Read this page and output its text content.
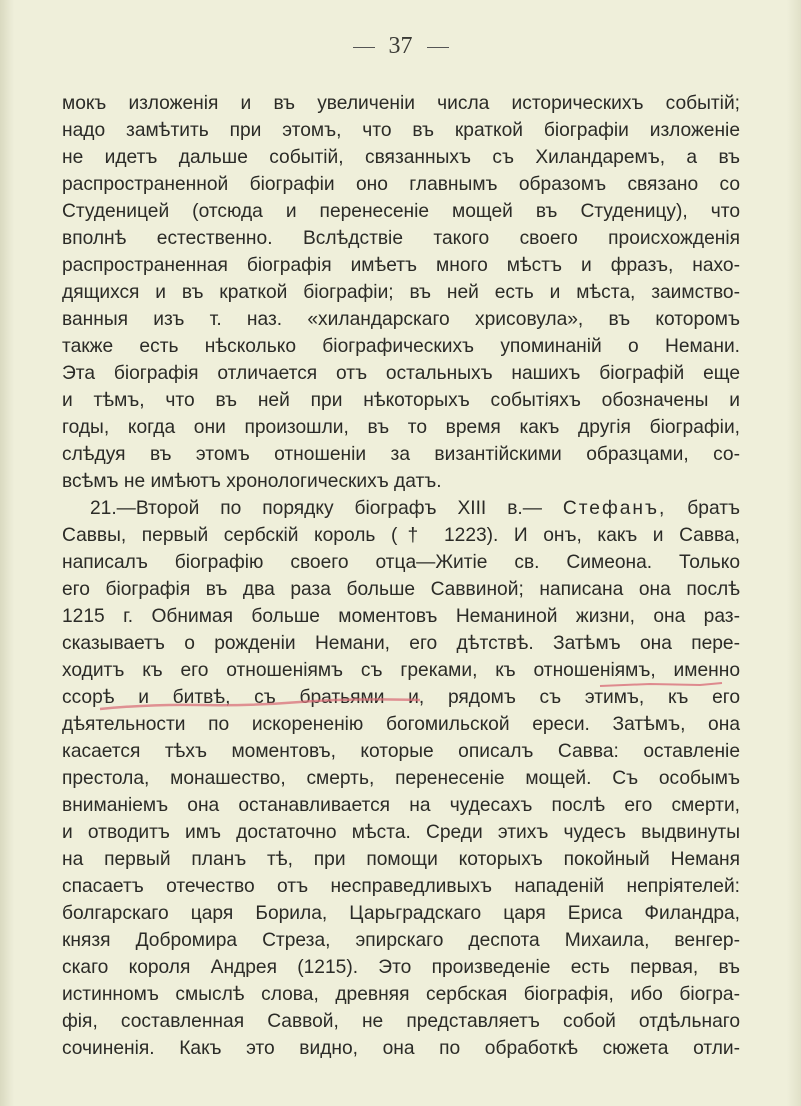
37
мокъ изложенія и въ увеличеніи числа историческихъ событій;
надо замѣтить при этомъ, что въ краткой біографіи изложеніе
не идетъ дальше событій, связанныхъ съ Хиландаремъ, а въ
распространенной біографіи оно главнымъ образомъ связано со
Студеницей (отсюда и перенесеніе мощей въ Студеницу), что
вполнѣ естественно. Вслѣдствіе такого своего происхожденія
распространенная біографія имѣетъ много мѣстъ и фразъ, нахо-
дящихся и въ краткой біографіи; въ ней есть и мѣста, заимство-
ванныя изъ т. наз. «хиландарскаго хрисовула», въ которомъ
также есть нѣсколько біографическихъ упоминаній о Немани.
Эта біографія отличается отъ остальныхъ нашихъ біографій еще
и тѣмъ, что въ ней при нѣкоторыхъ событіяхъ обозначены и
годы, когда они произошли, въ то время какъ другія біографіи,
слѣдуя въ этомъ отношеніи за византійскими образцами, со-
всѣмъ не имѣютъ хронологическихъ датъ.
21.—Второй по порядку біографъ XIII в.— Стефанъ, братъ
Саввы, первый сербскій король († 1223). И онъ, какъ и Савва,
написалъ біографію своего отца—Житіе св. Симеона. Только
его біографія въ два раза больше Саввиной; написана она послѣ
1215 г. Обнимая больше моментовъ Неманиной жизни, она раз-
сказываетъ о рожденіи Немани, его дѣтствѣ. Затѣмъ она пере-
ходитъ къ его отношеніямъ съ греками, къ отношеніямъ, именно
ссорѣ и битвѣ, съ братьями и, рядомъ съ этимъ, къ его
дѣятельности по искорененію богомильской ереси. Затѣмъ, она
касается тѣхъ моментовъ, которые описалъ Савва: оставленіе
престола, монашество, смерть, перенесеніе мощей. Съ особымъ
вниманіемъ она останавливается на чудесахъ послѣ его смерти,
и отводитъ имъ достаточно мѣста. Среди этихъ чудесъ выдвинуты
на первый планъ тѣ, при помощи которыхъ покойный Неманя
спасаетъ отечество отъ несправедливыхъ нападеній непріятелей:
болгарскаго царя Борила, Царьградскаго царя Ериса Филандра,
князя Добромира Стреза, эпирскаго деспота Михаила, венгер-
скаго короля Андрея (1215). Это произведеніе есть первая, въ
истинномъ смыслѣ слова, древняя сербская біографія, ибо біогра-
фія, составленная Саввой, не представляетъ собой отдѣльнаго
сочиненія. Какъ это видно, она по обработкѣ сюжета отли-
